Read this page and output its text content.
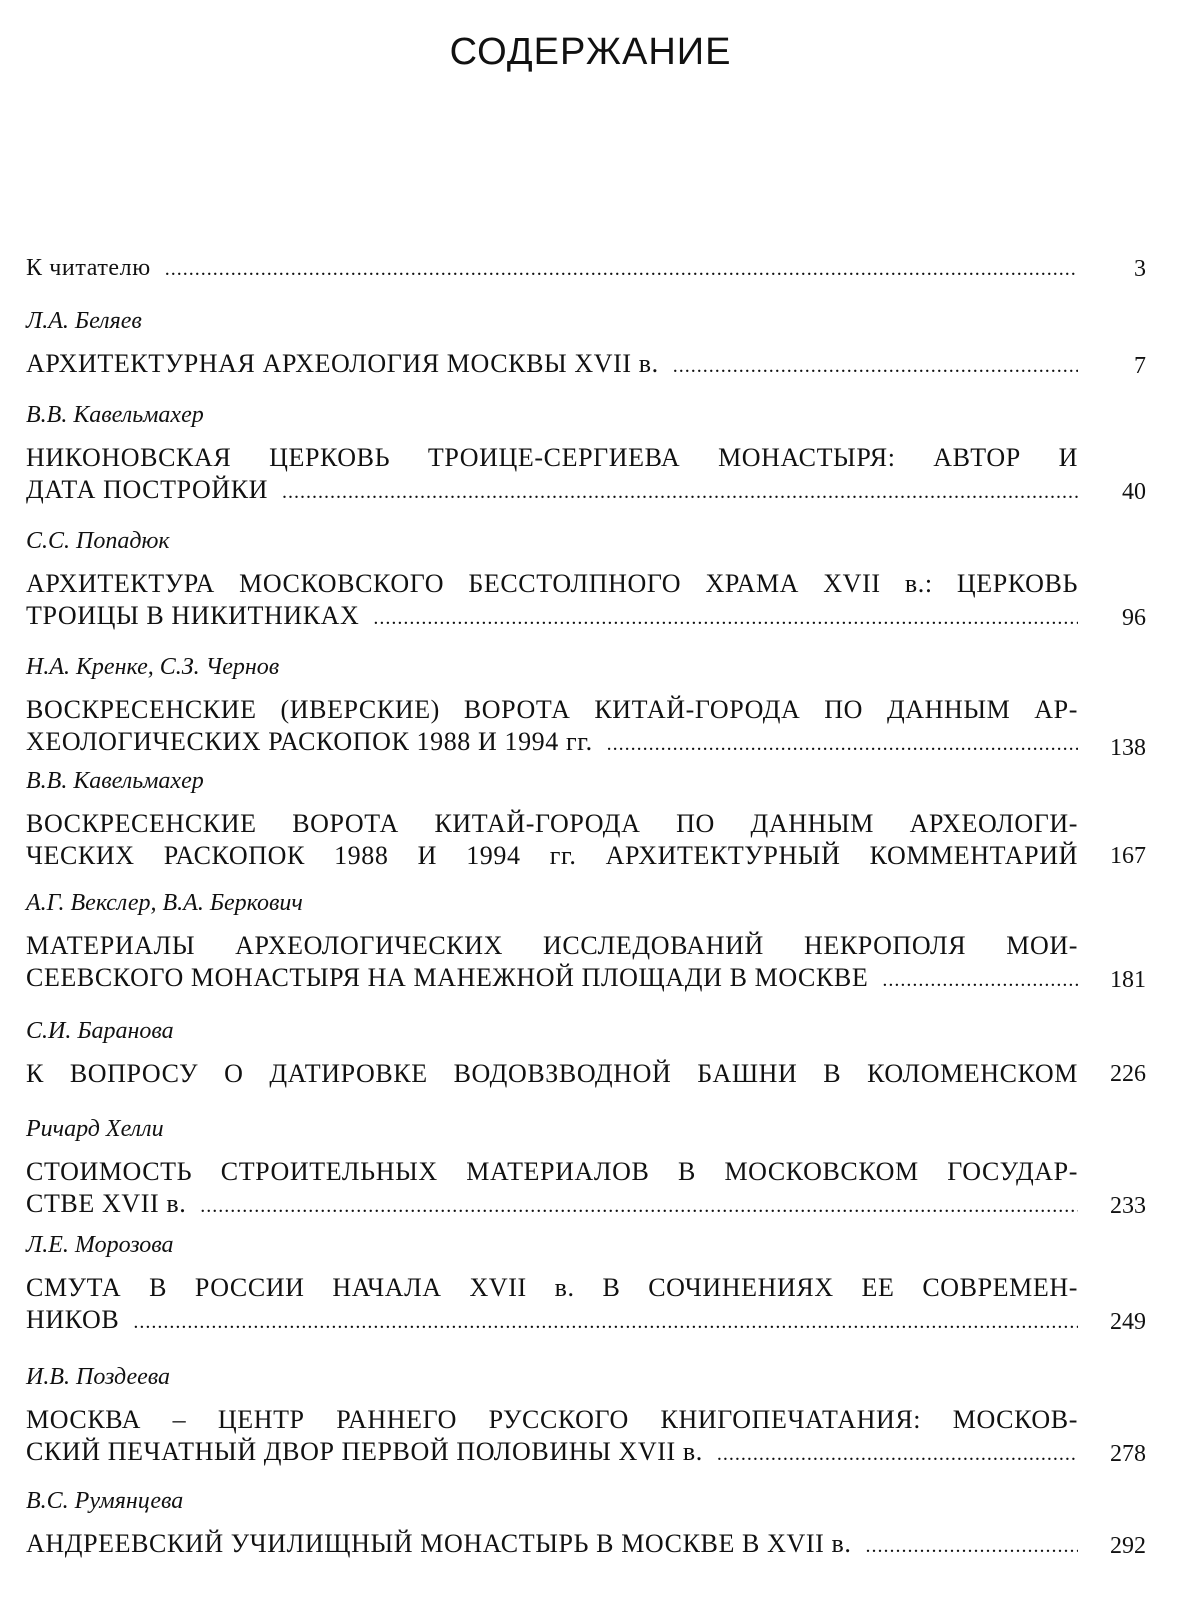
СОДЕРЖАНИЕ
К читателю .....	3
Л.А. Беляев
АРХИТЕКТУРНАЯ АРХЕОЛОГИЯ МОСКВЫ XVII в. .....	7
В.В. Кавельмахер
НИКОНОВСКАЯ ЦЕРКОВЬ ТРОИЦЕ-СЕРГИЕВА МОНАСТЫРЯ: АВТОР И
ДАТА ПОСТРОЙКИ .....	40
С.С. Попадюк
АРХИТЕКТУРА МОСКОВСКОГО БЕССТОЛПНОГО ХРАМА XVII в.: ЦЕРКОВЬ
ТРОИЦЫ В НИКИТНИКАХ .....	96
Н.А. Кренке, С.З. Чернов
ВОСКРЕСЕНСКИЕ (ИВЕРСКИЕ) ВОРОТА КИТАЙ-ГОРОДА ПО ДАННЫМ АР-
ХЕОЛОГИЧЕСКИХ РАСКОПОК 1988 И 1994 гг. .....	138
В.В. Кавельмахер
ВОСКРЕСЕНСКИЕ ВОРОТА КИТАЙ-ГОРОДА ПО ДАННЫМ АРХЕОЛОГИ-
ЧЕСКИХ РАСКОПОК 1988 И 1994 гг. АРХИТЕКТУРНЫЙ КОММЕНТАРИЙ	167
А.Г. Векслер, В.А. Беркович
МАТЕРИАЛЫ АРХЕОЛОГИЧЕСКИХ ИССЛЕДОВАНИЙ НЕКРОПОЛЯ МОИ-
СЕЕВСКОГО МОНАСТЫРЯ НА МАНЕЖНОЙ ПЛОЩАДИ В МОСКВЕ .....	181
С.И. Баранова
К ВОПРОСУ О ДАТИРОВКЕ ВОДОВЗВОДНОЙ БАШНИ В КОЛОМЕНСКОМ	226
Ричард Хелли
СТОИМОСТЬ СТРОИТЕЛЬНЫХ МАТЕРИАЛОВ В МОСКОВСКОМ ГОСУДАР-
СТВЕ XVII в. .....	233
Л.Е. Морозова
СМУТА В РОССИИ НАЧАЛА XVII в. В СОЧИНЕНИЯХ ЕЕ СОВРЕМЕН-
НИКОВ .....	249
И.В. Поздеева
МОСКВА – ЦЕНТР РАННЕГО РУССКОГО КНИГОПЕЧАТАНИЯ: МОСКОВ-
СКИЙ ПЕЧАТНЫЙ ДВОР ПЕРВОЙ ПОЛОВИНЫ XVII в. .....	278
В.С. Румянцева
АНДРЕЕВСКИЙ УЧИЛИЩНЫЙ МОНАСТЫРЬ В МОСКВЕ В XVII в. .....	292
